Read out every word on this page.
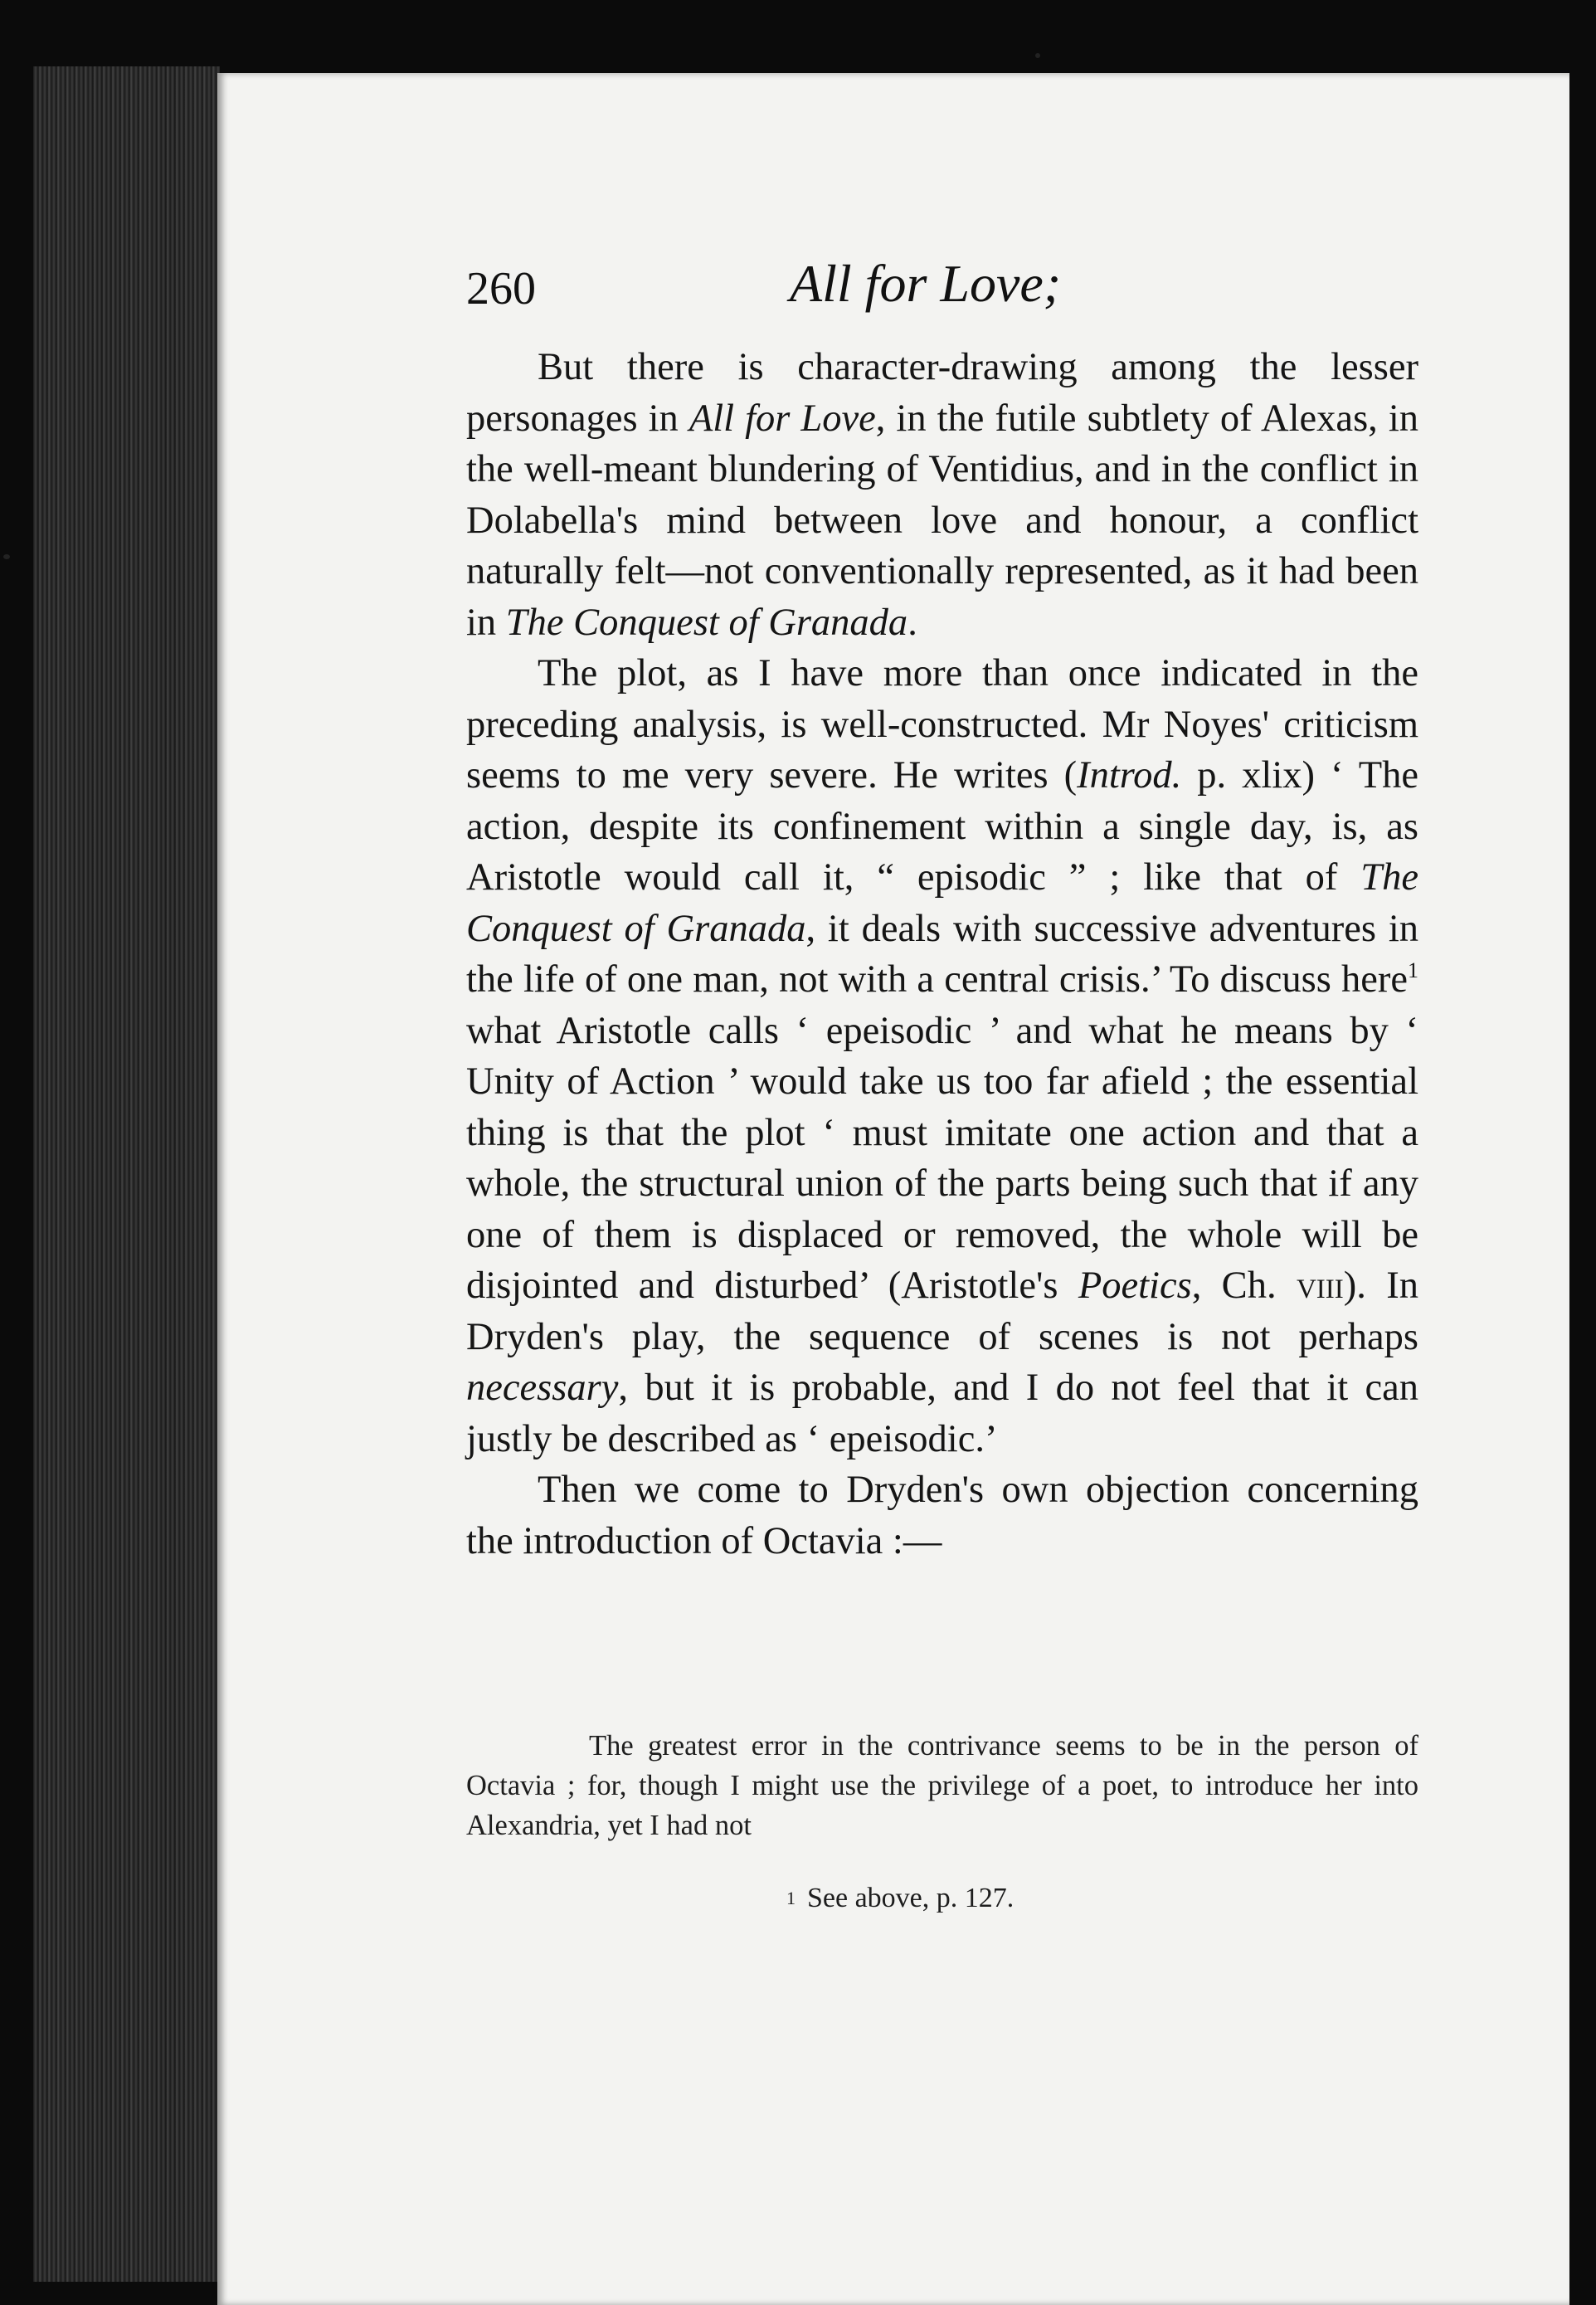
260	All for Love;

But there is character-drawing among the lesser personages in All for Love, in the futile subtlety of Alexas, in the well-meant blundering of Ventidius, and in the conflict in Dolabella's mind between love and honour, a conflict naturally felt—not conventionally represented, as it had been in The Conquest of Granada.

The plot, as I have more than once indicated in the preceding analysis, is well-constructed. Mr Noyes' criticism seems to me very severe. He writes (Introd. p. xlix) ‘ The action, despite its confinement within a single day, is, as Aristotle would call it, “ episodic ” ; like that of The Conquest of Granada, it deals with successive adventures in the life of one man, not with a central crisis.’ To discuss here$^1$ what Aristotle calls ‘ epeisodic ’ and what he means by ‘ Unity of Action ’ would take us too far afield ; the essential thing is that the plot ‘ must imitate one action and that a whole, the structural union of the parts being such that if any one of them is displaced or removed, the whole will be disjointed and disturbed’ (Aristotle's Poetics, Ch. viii). In Dryden's play, the sequence of scenes is not perhaps necessary, but it is probable, and I do not feel that it can justly be described as ‘ epeisodic.’

Then we come to Dryden's own objection concerning the introduction of Octavia :—

The greatest error in the contrivance seems to be in the person of Octavia ; for, though I might use the privilege of a poet, to introduce her into Alexandria, yet I had not

$^1$ See above, p. 127.
